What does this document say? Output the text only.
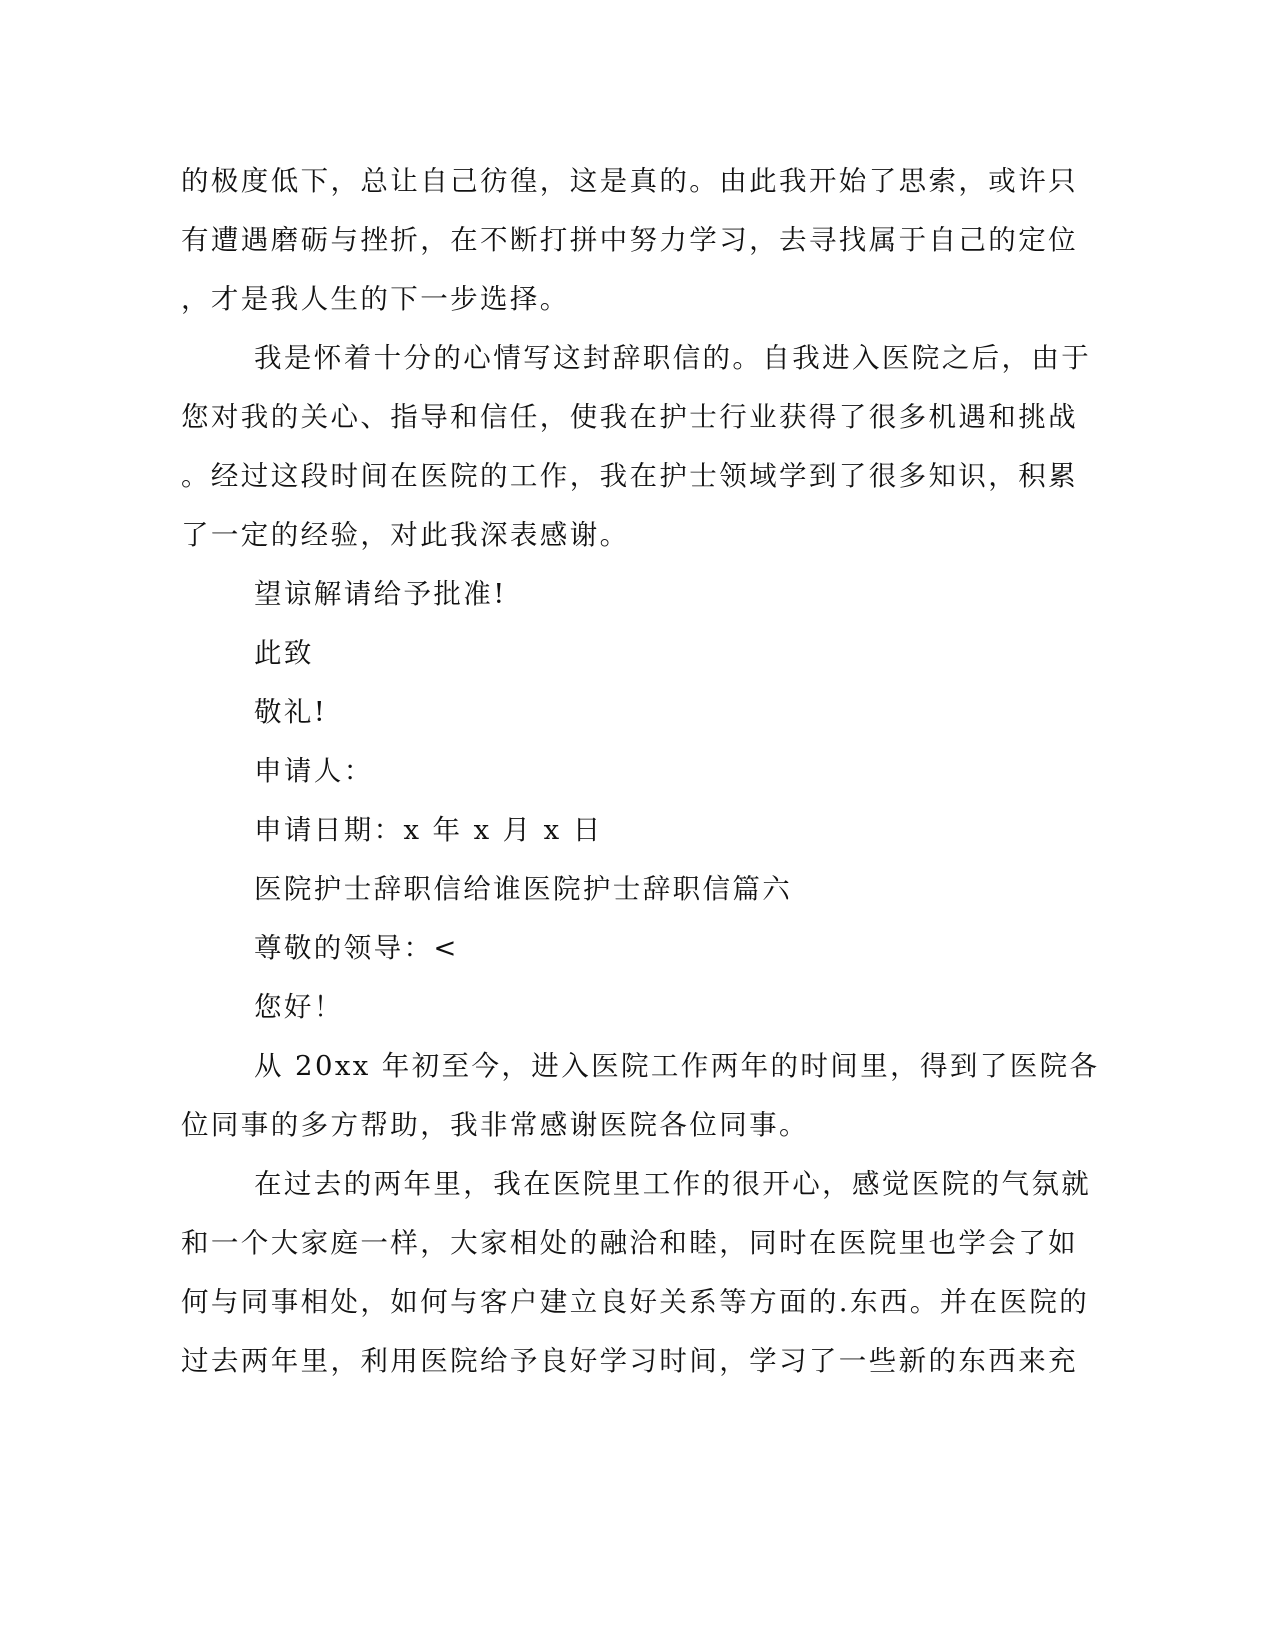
的极度低下，总让自己彷徨，这是真的。由此我开始了思索，或许只
有遭遇磨砺与挫折，在不断打拼中努力学习，去寻找属于自己的定位
，才是我人生的下一步选择。
我是怀着十分的心情写这封辞职信的。自我进入医院之后，由于
您对我的关心、指导和信任，使我在护士行业获得了很多机遇和挑战
。经过这段时间在医院的工作，我在护士领域学到了很多知识，积累
了一定的经验，对此我深表感谢。
望谅解请给予批准!
此致
敬礼!
申请人：
申请日期：x 年 x 月 x 日
医院护士辞职信给谁医院护士辞职信篇六
尊敬的领导：<
您好！
从 20xx 年初至今，进入医院工作两年的时间里，得到了医院各
位同事的多方帮助，我非常感谢医院各位同事。
在过去的两年里，我在医院里工作的很开心，感觉医院的气氛就
和一个大家庭一样，大家相处的融洽和睦，同时在医院里也学会了如
何与同事相处，如何与客户建立良好关系等方面的.东西。并在医院的
过去两年里，利用医院给予良好学习时间，学习了一些新的东西来充
